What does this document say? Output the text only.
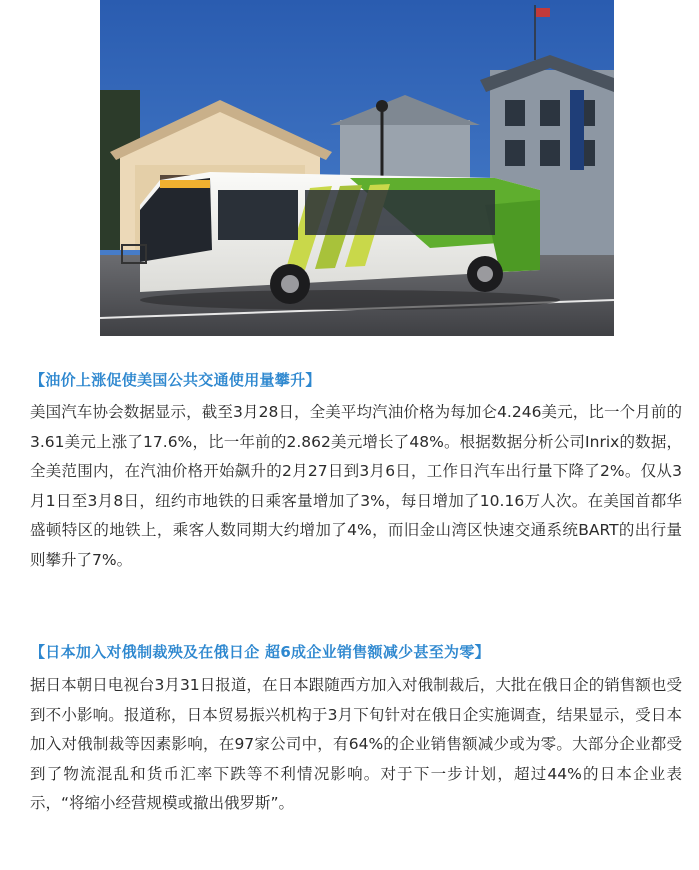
【油价上涨促使美国公共交通使用量攀升】
美国汽车协会数据显示，截至3月28日，全美平均汽油价格为每加仑4.246美元，比一个月前的3.61美元上涨了17.6%，比一年前的2.862美元增长了48%。根据数据分析公司Inrix的数据，全美范围内，在汽油价格开始飙升的2月27日到3月6日，工作日汽车出行量下降了2%。仅从3月1日至3月8日，纽约市地铁的日乘客量增加了3%，每日增加了10.16万人次。在美国首都华盛顿特区的地铁上，乘客人数同期大约增加了4%，而旧金山湾区快速交通系统BART的出行量则攀升了7%。
【日本加入对俄制裁殃及在俄日企 超6成企业销售额减少甚至为零】
据日本朝日电视台3月31日报道，在日本跟随西方加入对俄制裁后，大批在俄日企的销售额也受到不小影响。报道称，日本贸易振兴机构于3月下旬针对在俄日企实施调查，结果显示，受日本加入对俄制裁等因素影响，在97家公司中，有64%的企业销售额减少或为零。大部分企业都受到了物流混乱和货币汇率下跌等不利情况影响。对于下一步计划，超过44%的日本企业表示，“将缩小经营规模或撤出俄罗斯”。
